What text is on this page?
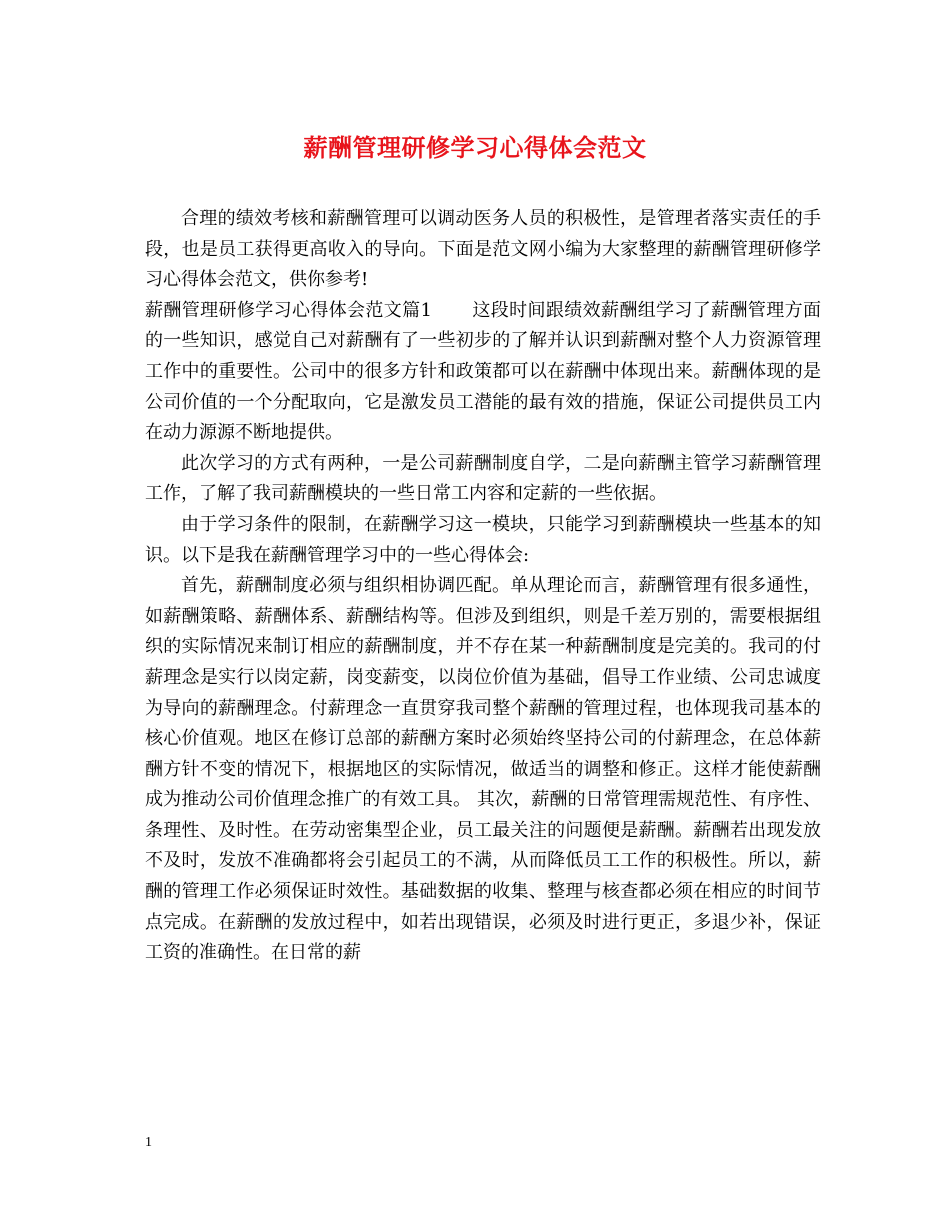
薪酬管理研修学习心得体会范文

合理的绩效考核和薪酬管理可以调动医务人员的积极性，是管理者落实责任的手段，也是员工获得更高收入的导向。下面是范文网小编为大家整理的薪酬管理研修学习心得体会范文，供你参考!

薪酬管理研修学习心得体会范文篇1 这段时间跟绩效薪酬组学习了薪酬管理方面的一些知识，感觉自己对薪酬有了一些初步的了解并认识到薪酬对整个人力资源管理工作中的重要性。公司中的很多方针和政策都可以在薪酬中体现出来。薪酬体现的是公司价值的一个分配取向，它是激发员工潜能的最有效的措施，保证公司提供员工内在动力源源不断地提供。

此次学习的方式有两种，一是公司薪酬制度自学，二是向薪酬主管学习薪酬管理工作，了解了我司薪酬模块的一些日常工内容和定薪的一些依据。

由于学习条件的限制，在薪酬学习这一模块，只能学习到薪酬模块一些基本的知识。以下是我在薪酬管理学习中的一些心得体会:

首先，薪酬制度必须与组织相协调匹配。单从理论而言，薪酬管理有很多通性，如薪酬策略、薪酬体系、薪酬结构等。但涉及到组织，则是千差万别的，需要根据组织的实际情况来制订相应的薪酬制度，并不存在某一种薪酬制度是完美的。我司的付薪理念是实行以岗定薪，岗变薪变，以岗位价值为基础，倡导工作业绩、公司忠诚度为导向的薪酬理念。付薪理念一直贯穿我司整个薪酬的管理过程，也体现我司基本的核心价值观。地区在修订总部的薪酬方案时必须始终坚持公司的付薪理念，在总体薪酬方针不变的情况下，根据地区的实际情况，做适当的调整和修正。这样才能使薪酬成为推动公司价值理念推广的有效工具。 其次，薪酬的日常管理需规范性、有序性、条理性、及时性。在劳动密集型企业，员工最关注的问题便是薪酬。薪酬若出现发放不及时，发放不准确都将会引起员工的不满，从而降低员工工作的积极性。所以，薪酬的管理工作必须保证时效性。基础数据的收集、整理与核查都必须在相应的时间节点完成。在薪酬的发放过程中，如若出现错误，必须及时进行更正，多退少补，保证工资的准确性。在日常的薪

1
